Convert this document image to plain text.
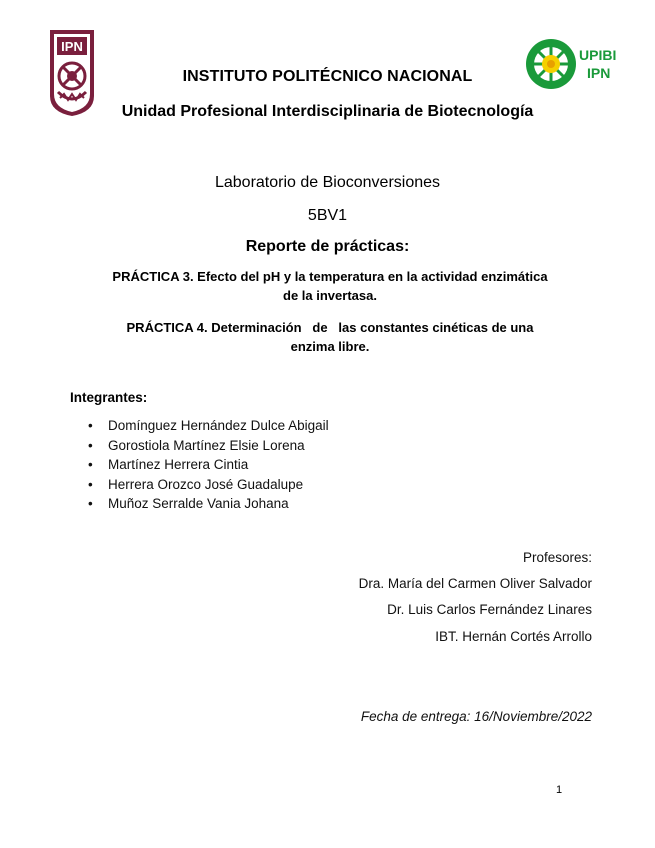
IPN
UPIBI
IPN
INSTITUTO POLITÉCNICO NACIONAL
Unidad Profesional Interdisciplinaria de Biotecnología
Laboratorio de Bioconversiones
5BV1
Reporte de prácticas:
PRÁCTICA 3. Efecto del pH y la temperatura en la actividad enzimática
de la invertasa.
PRÁCTICA 4. Determinación   de   las constantes cinéticas de una
enzima libre.
Integrantes:
• Domínguez Hernández Dulce Abigail
• Gorostiola Martínez Elsie Lorena
• Martínez Herrera Cintia
• Herrera Orozco José Guadalupe
• Muñoz Serralde Vania Johana
Profesores:
Dra. María del Carmen Oliver Salvador
Dr. Luis Carlos Fernández Linares
IBT. Hernán Cortés Arrollo
Fecha de entrega: 16/Noviembre/2022
1
